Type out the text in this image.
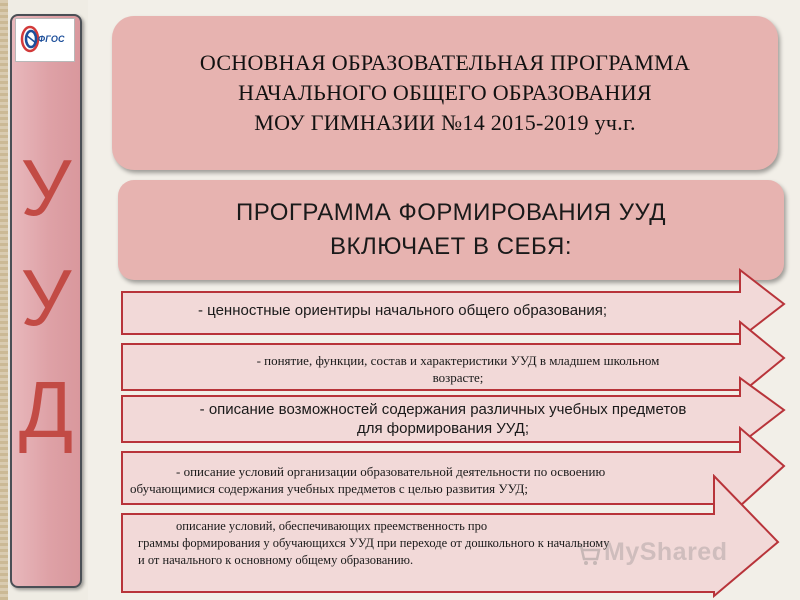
ФГОС
У
У
Д
ОСНОВНАЯ ОБРАЗОВАТЕЛЬНАЯ ПРОГРАММА
НАЧАЛЬНОГО ОБЩЕГО ОБРАЗОВАНИЯ
МОУ ГИМНАЗИИ №14 2015-2019 уч.г.
ПРОГРАММА ФОРМИРОВАНИЯ УУД
ВКЛЮЧАЕТ В СЕБЯ:
- ценностные ориентиры начального общего образования;
- понятие, функции, состав и характеристики УУД в младшем школьном
возрасте;
- описание возможностей содержания различных учебных предметов
для формирования УУД;
- описание условий организации образовательной деятельности по освоению
обучающимися содержания учебных предметов с целью развития УУД;
описание условий, обеспечивающих преемственность про
граммы формирования у обучающихся УУД при переходе от дошкольного к начальному
и от начального к основному общему образованию.	MyShared
